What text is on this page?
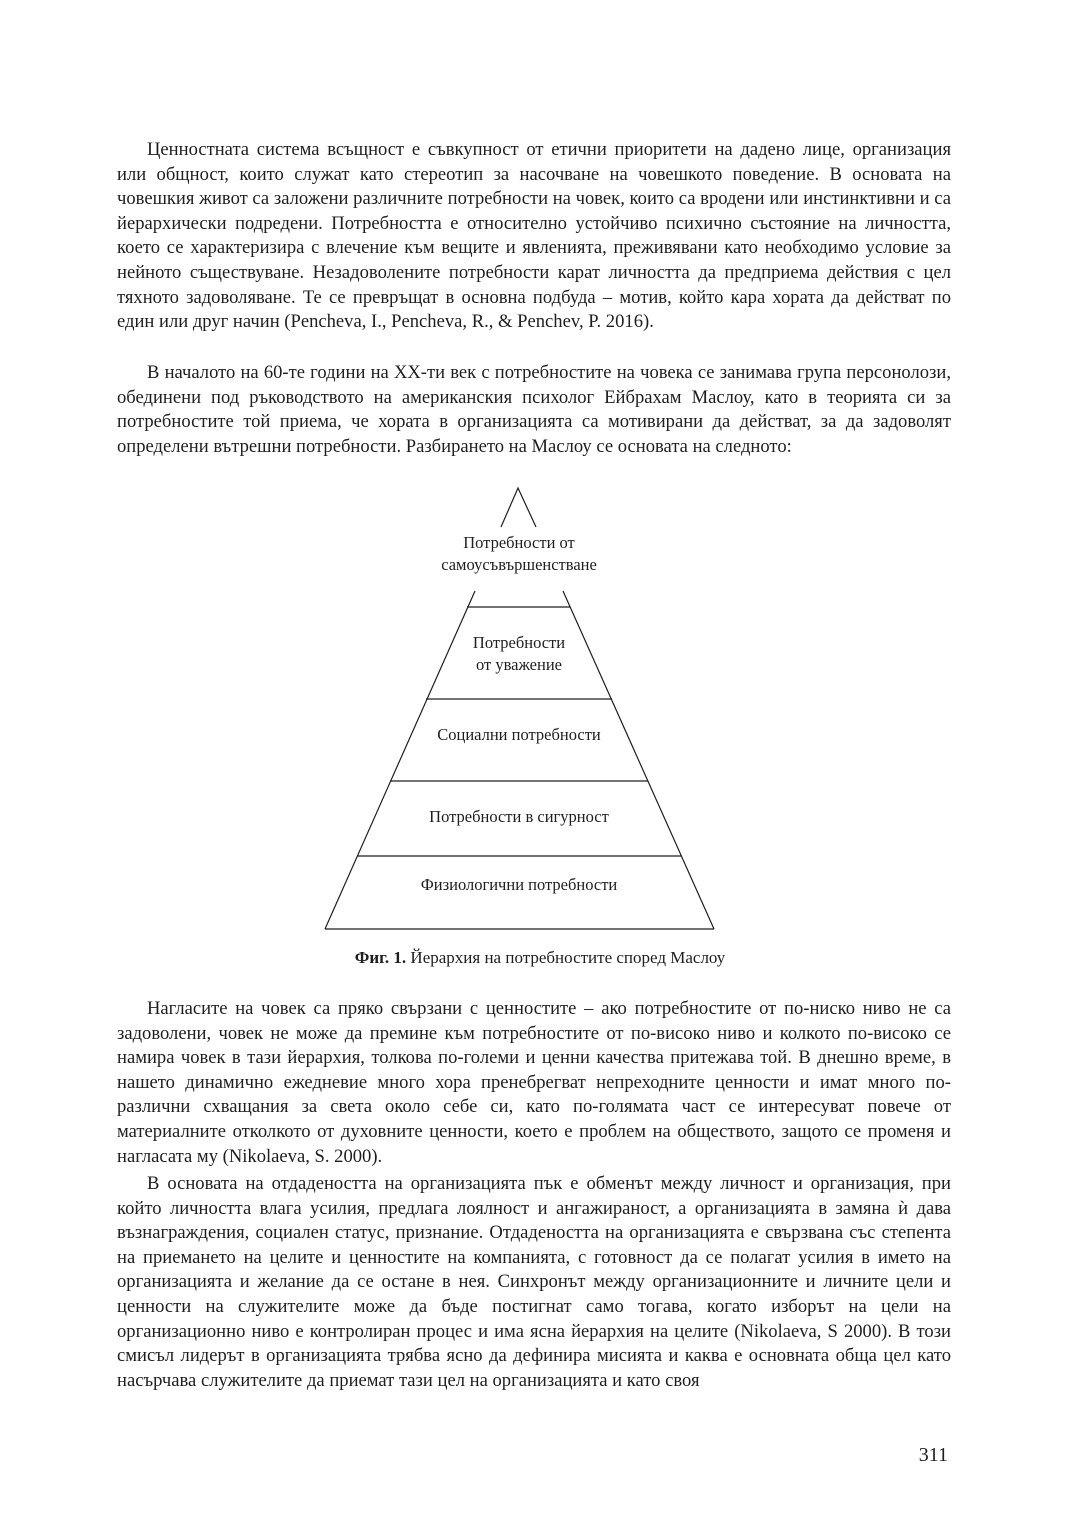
Ценностната система всъщност е съвкупност от етични приоритети на дадено лице, организация или общност, които служат като стереотип за насочване на човешкото поведение. В основата на човешкия живот са заложени различните потребности на човек, които са вродени или инстинктивни и са йерархически подредени. Потребността е относително устойчиво психично състояние на личността, което се характеризира с влечение към вещите и явленията, преживявани като необходимо условие за нейното съществуване. Незадоволените потребности карат личността да предприема действия с цел тяхното задоволяване. Те се превръщат в основна подбуда – мотив, който кара хората да действат по един или друг начин (Pencheva, I., Pencheva, R., & Penchev, P. 2016).

В началото на 60-те години на ХХ-ти век с потребностите на човека се занимава група персонолози, обединени под ръководството на американския психолог Ейбрахам Маслоу, като в теорията си за потребностите той приема, че хората в организацията са мотивирани да действат, за да задоволят определени вътрешни потребности. Разбирането на Маслоу се основата на следното:

Потребности от
самоусъвършенстване
Потребности
от уважение
Социални потребности
Потребности в сигурност
Физиологични потребности
Фиг. 1. Йерархия на потребностите според Маслоу

Нагласите на човек са пряко свързани с ценностите – ако потребностите от по-ниско ниво не са задоволени, човек не може да премине към потребностите от по-високо ниво и колкото по-високо се намира човек в тази йерархия, толкова по-големи и ценни качества притежава той. В днешно време, в нашето динамично ежедневие много хора пренебрегват непреходните ценности и имат много по-различни схващания за света около себе си, като по-голямата част се интересуват повече от материалните отколкото от духовните ценности, което е проблем на обществото, защото се променя и нагласата му (Nikolaeva, S. 2000).

В основата на отдадеността на организацията пък е обменът между личност и организация, при който личността влага усилия, предлага лоялност и ангажираност, а организацията в замяна ѝ дава възнаграждения, социален статус, признание. Отдадеността на организацията е свързвана със степента на приемането на целите и ценностите на компанията, с готовност да се полагат усилия в името на организацията и желание да се остане в нея. Синхронът между организационните и личните цели и ценности на служителите може да бъде постигнат само тогава, когато изборът на цели на организационно ниво е контролиран процес и има ясна йерархия на целите (Nikolaeva, S 2000). В този смисъл лидерът в организацията трябва ясно да дефинира мисията и каква е основната обща цел като насърчава служителите да приемат тази цел на организацията и като своя

311
